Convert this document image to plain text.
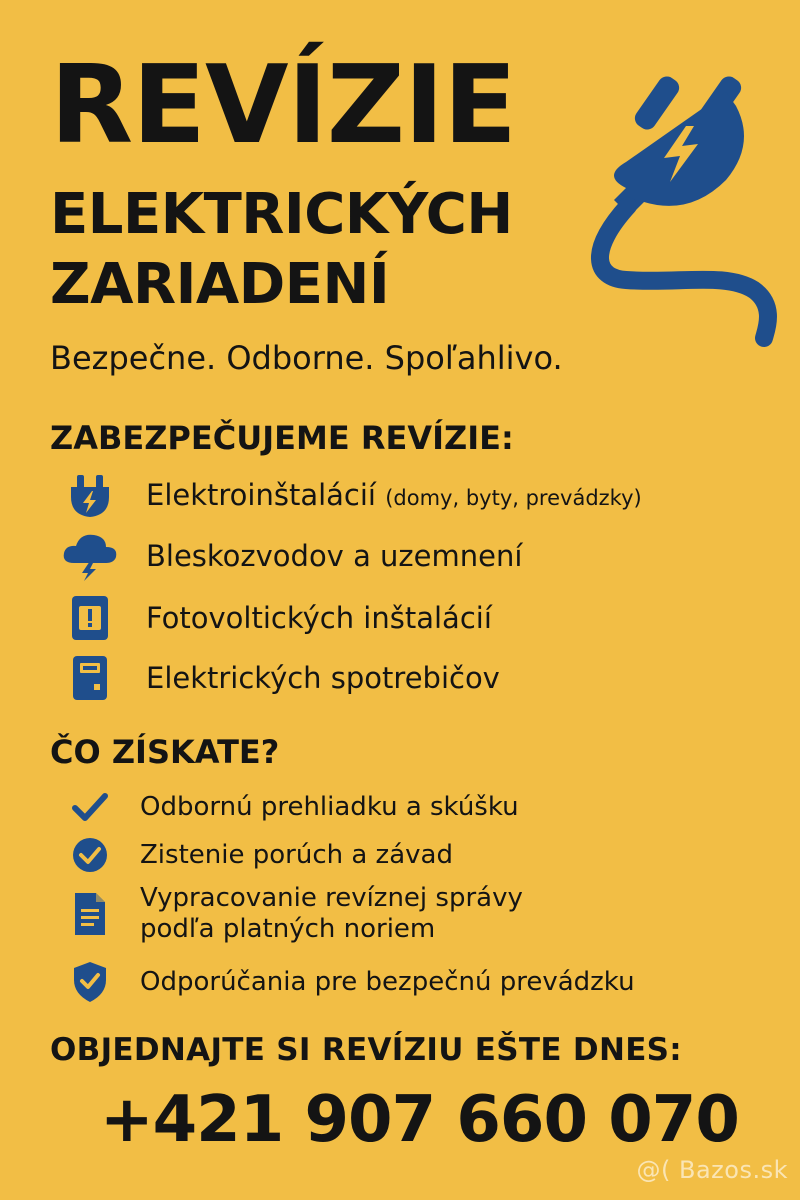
REVÍZIE
ELEKTRICKÝCH
ZARIADENÍ
Bezpečne. Odborne. Spoľahlivo.
ZABEZPEČUJEME REVÍZIE:
Elektroinštalácií (domy, byty, prevádzky)
Bleskozvodov a uzemnení
Fotovoltických inštalácií
Elektrických spotrebičov
ČO ZÍSKATE?
Odbornú prehliadku a skúšku
Zistenie porúch a závad
Vypracovanie revíznej správy
podľa platných noriem
Odporúčania pre bezpečnú prevádzku
OBJEDNAJTE SI REVÍZIU EŠTE DNES:
+421 907 660 070
@( Bazos.sk
